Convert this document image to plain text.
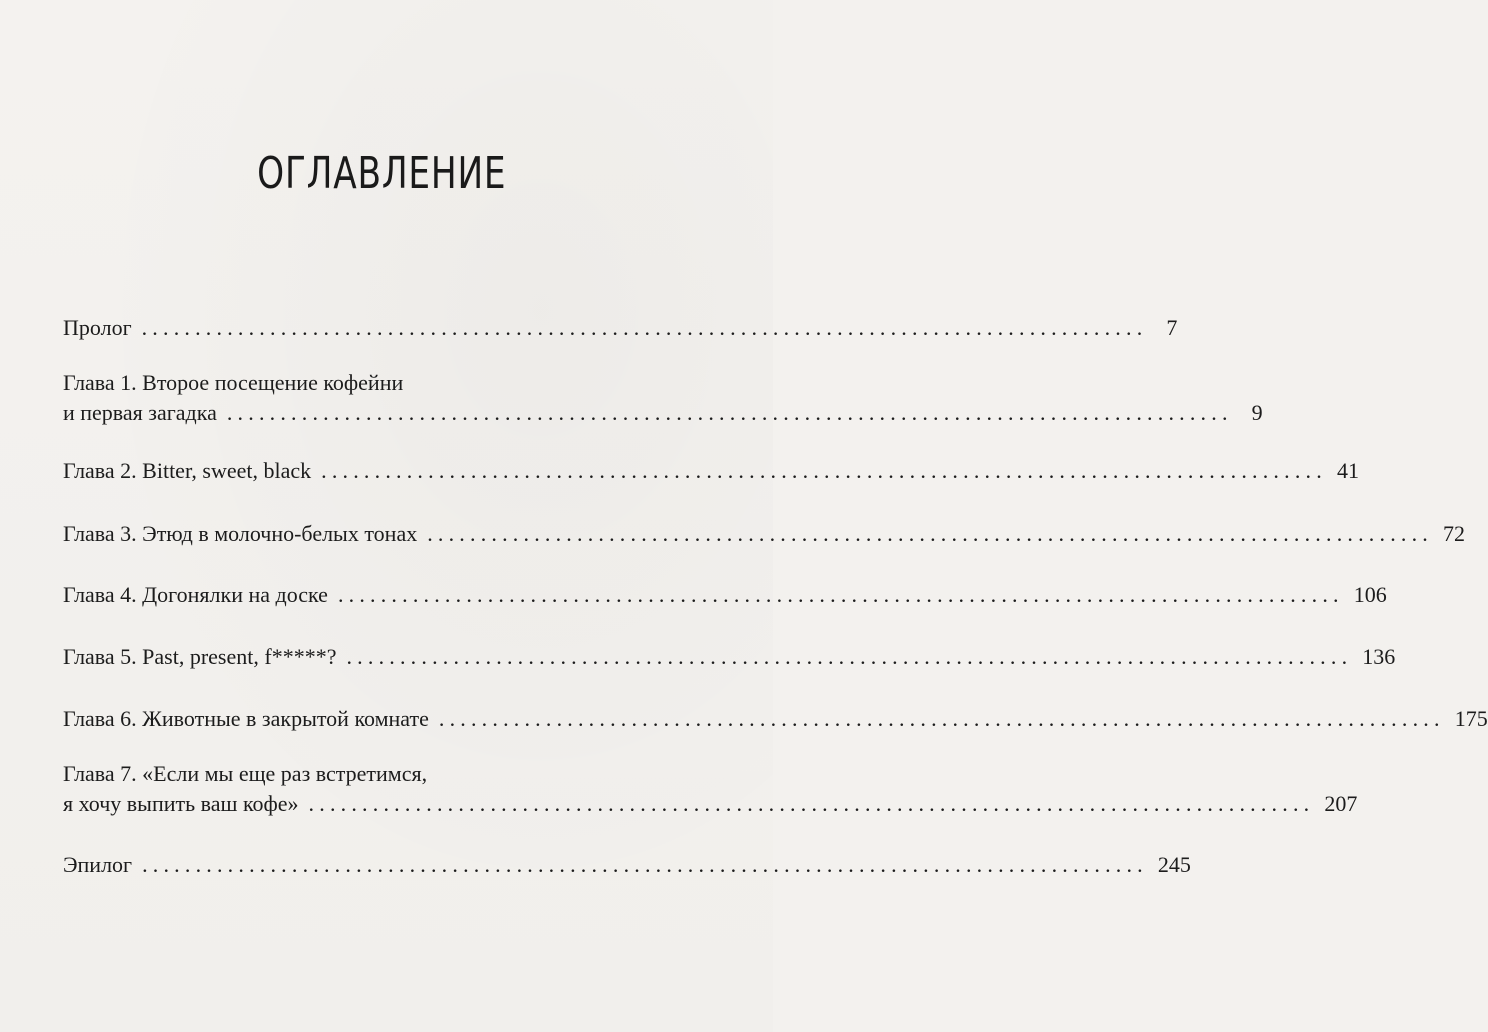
ОГЛАВЛЕНИЕ
Пролог .............................................................................................. 7
Глава 1. Второе посещение кофейни
и первая загадка .............................................................................................. 9
Глава 2. Bitter, sweet, black .............................................................................................. 41
Глава 3. Этюд в молочно-белых тонах .............................................................................................. 72
Глава 4. Догонялки на доске .............................................................................................. 106
Глава 5. Past, present, f*****? .............................................................................................. 136
Глава 6. Животные в закрытой комнате .............................................................................................. 175
Глава 7. «Если мы еще раз встретимся,
я хочу выпить ваш кофе» .............................................................................................. 207
Эпилог .............................................................................................. 245
